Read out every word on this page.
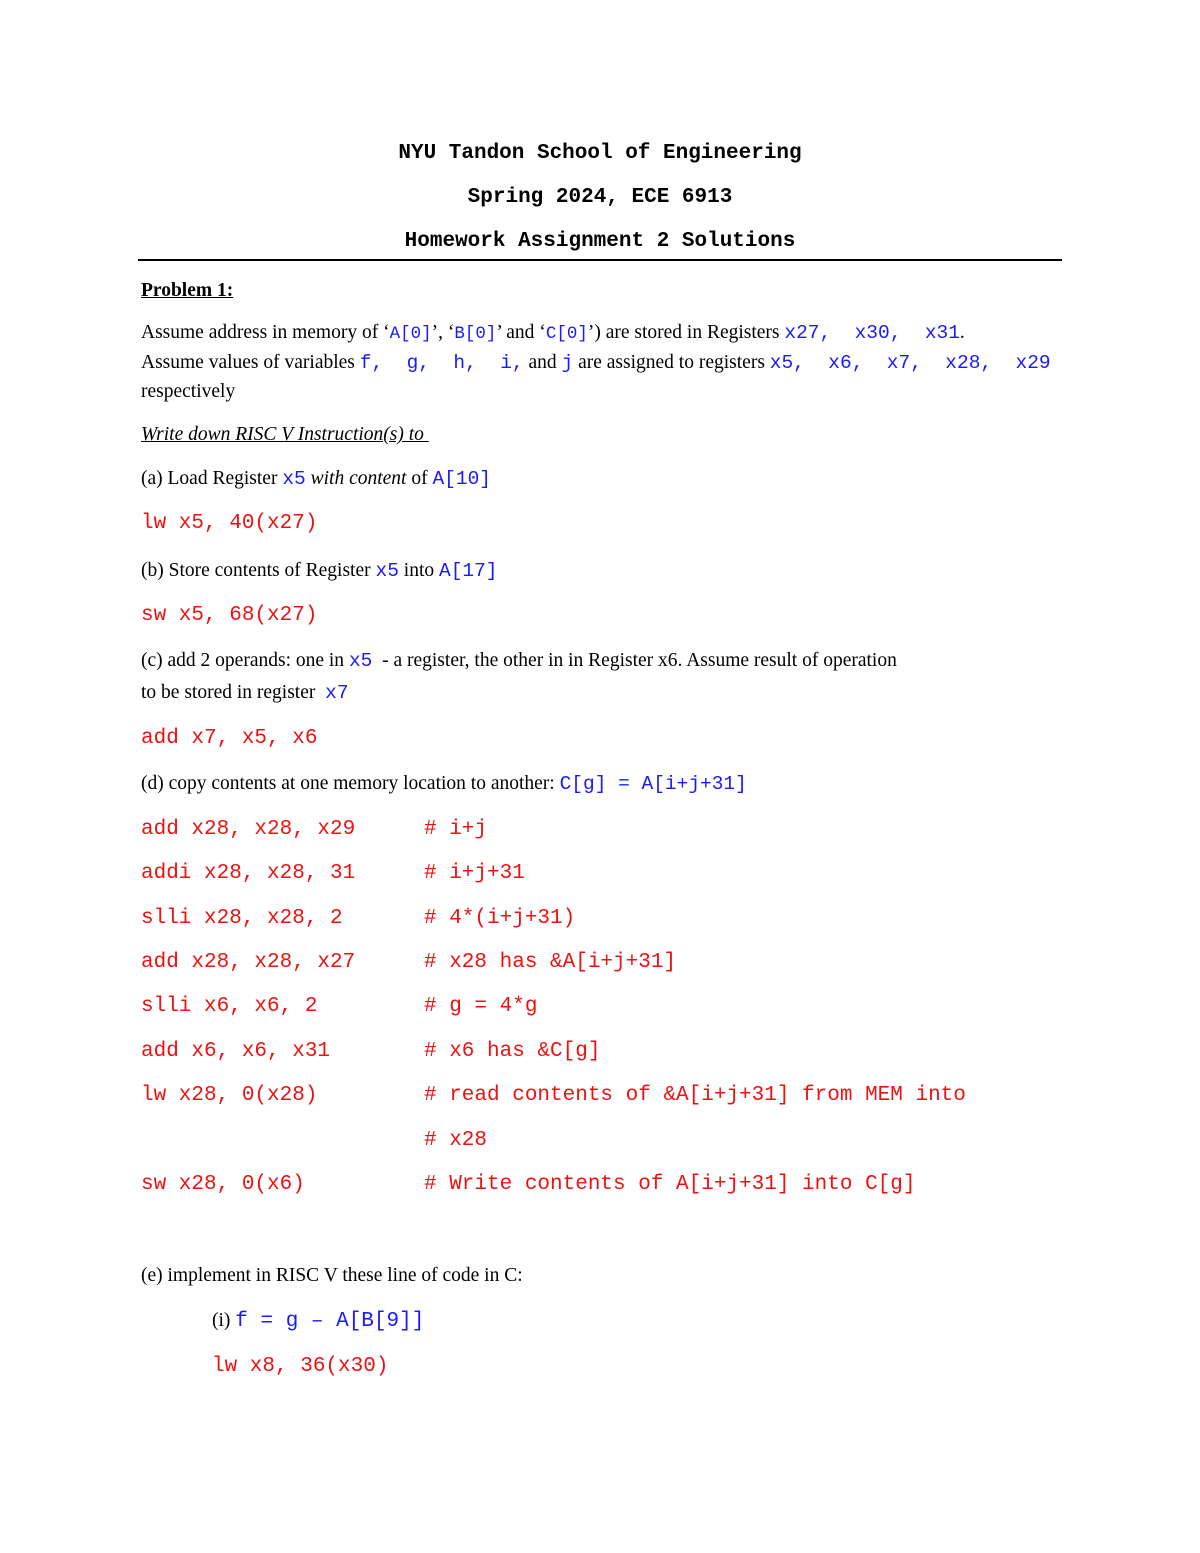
NYU Tandon School of Engineering
Spring 2024, ECE 6913
Homework Assignment 2 Solutions
Problem 1:
Assume address in memory of ‘A[0]’, ‘B[0]’ and ‘C[0]’) are stored in Registers x27,  x30,  x31.
Assume values of variables f,  g,  h,  i, and j are assigned to registers x5,  x6,  x7,  x28,  x29
respectively
Write down RISC V Instruction(s) to
(a) Load Register x5 with content of A[10]
lw x5, 40(x27)
(b) Store contents of Register x5 into A[17]
sw x5, 68(x27)
(c) add 2 operands: one in x5  - a register, the other in in Register x6. Assume result of operation
to be stored in register  x7
add x7, x5, x6
(d) copy contents at one memory location to another: C[g] = A[i+j+31]
add x28, x28, x29	# i+j
addi x28, x28, 31	# i+j+31
slli x28, x28, 2	# 4*(i+j+31)
add x28, x28, x27	# x28 has &A[i+j+31]
slli x6, x6, 2	# g = 4*g
add x6, x6, x31	# x6 has &C[g]
lw x28, 0(x28)	# read contents of &A[i+j+31] from MEM into
# x28
sw x28, 0(x6)	# Write contents of A[i+j+31] into C[g]
(e) implement in RISC V these line of code in C:
(i) f = g – A[B[9]]
lw x8, 36(x30)
